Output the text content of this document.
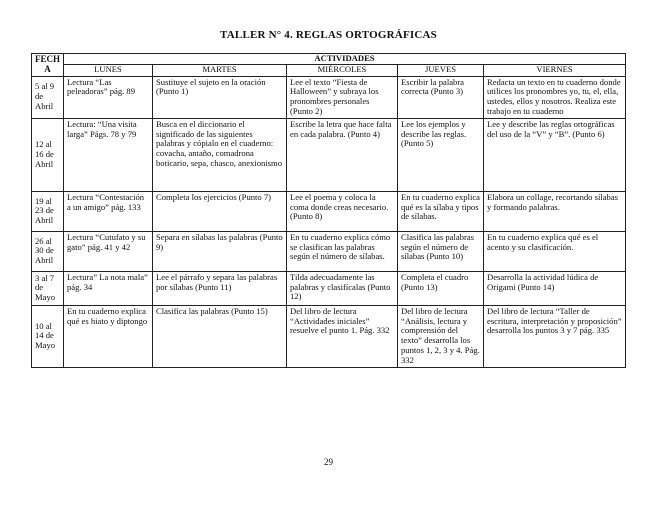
TALLER N° 4. REGLAS ORTOGRÁFICAS
FECHA	ACTIVIDADES				
	LUNES	MARTES	MIÉRCOLES	JUEVES	VIERNES
5 al 9 de Abril	Lectura “Las peleadoras” pág. 89	Sustituye el sujeto en la oración (Punto 1)	Lee el texto “Fiesta de Halloween” y subraya los pronombres personales (Punto 2)	Escribir la palabra correcta (Punto 3)	Redacta un texto en tu cuaderno donde utilices los pronombres yo, tu, el, ella, ustedes, ellos y nosotros. Realiza este trabajo en tu cuaderno
12 al 16 de Abril	Lectura: “Una visita larga” Págs. 78 y 79	Busca en el diccionario el significado de las siguientes palabras y cópialo en el cuaderno: covacha, antaño, comadrona boticario, sepa, chasco, anexionismo	Escribe la letra que hace falta en cada palabra. (Punto 4)	Lee los ejemplos y describe las reglas. (Punto 5)	Lee y describe las reglas ortográficas del uso de la “V” y “B”. (Punto 6)
19 al 23 de Abril	Lectura “Contestación a un amigo” pág. 133	Completa los ejercicios (Punto 7)	Lee el poema y coloca la coma donde creas necesario. (Punto 8)	En tu cuaderno explica qué es la sílaba y tipos de sílabas.	Elabora un collage, recortando sílabas y formando palabras.
26 al 30 de Abril	Lectura “Cutufato y su gato” pág. 41 y 42	Separa en sílabas las palabras (Punto 9)	En tu cuaderno explica cómo se clasifican las palabras según el número de sílabas.	Clasifica las palabras según el número de sílabas (Punto 10)	En tu cuaderno explica qué es el acento y su clasificación.
3 al 7 de Mayo	Lectura” La nota mala” pág. 34	Lee el párrafo y separa las palabras por sílabas (Punto 11)	Tilda adecuadamente las palabras y clasifícalas (Punto 12)	Completa el cuadro (Punto 13)	Desarrolla la actividad lúdica de Origami (Punto 14)
10 al 14 de Mayo	En tu cuaderno explica qué es hiato y diptongo	Clasifica las palabras (Punto 15)	Del libro de lectura “Actividades iniciales” resuelve el punto 1. Pág. 332	Del libro de lectura “Análisis, lectura y comprensión del texto” desarrolla los puntos 1, 2, 3 y 4. Pág. 332	Del libro de lectura “Taller de escritura, interpretación y proposición” desarrolla los puntos 3 y 7 pág. 335
29
